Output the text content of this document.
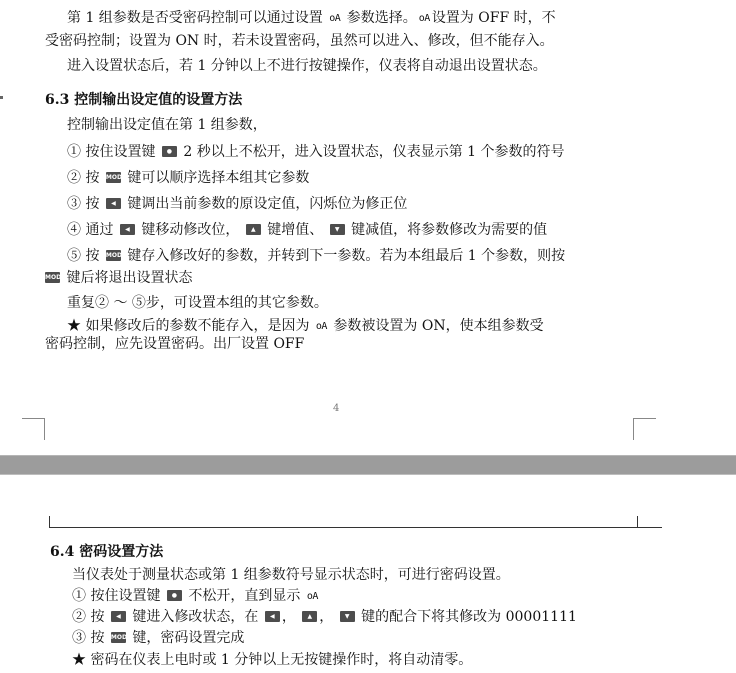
第 1 组参数是否受密码控制可以通过设置 oA 参数选择。 oA 设置为 OFF 时，不
受密码控制；设置为 ON 时，若未设置密码，虽然可以进入、修改，但不能存入。
进入设置状态后，若 1 分钟以上不进行按键操作，仪表将自动退出设置状态。
6.3 控制输出设定值的设置方法
控制输出设定值在第 1 组参数，
① 按住设置键 ● 2 秒以上不松开，进入设置状态，仪表显示第 1 个参数的符号
② 按 MOD 键可以顺序选择本组其它参数
③ 按 ◀ 键调出当前参数的原设定值，闪烁位为修正位
④ 通过 ◀ 键移动修改位， ▲ 键增值、 ▼ 键减值，将参数修改为需要的值
⑤ 按 MOD 键存入修改好的参数，并转到下一参数。若为本组最后 1 个参数，则按
MOD 键后将退出设置状态
重复② ～ ⑤步，可设置本组的其它参数。
★ 如果修改后的参数不能存入，是因为 oA 参数被设置为 ON，使本组参数受
密码控制，应先设置密码。出厂设置 OFF
4
6.4 密码设置方法
当仪表处于测量状态或第 1 组参数符号显示状态时，可进行密码设置。
① 按住设置键 ● 不松开，直到显示 oA
② 按 ◀ 键进入修改状态，在 ◀ ， ▲ ， ▼ 键的配合下将其修改为 00001111
③ 按 MOD 键，密码设置完成
★ 密码在仪表上电时或 1 分钟以上无按键操作时，将自动清零。
